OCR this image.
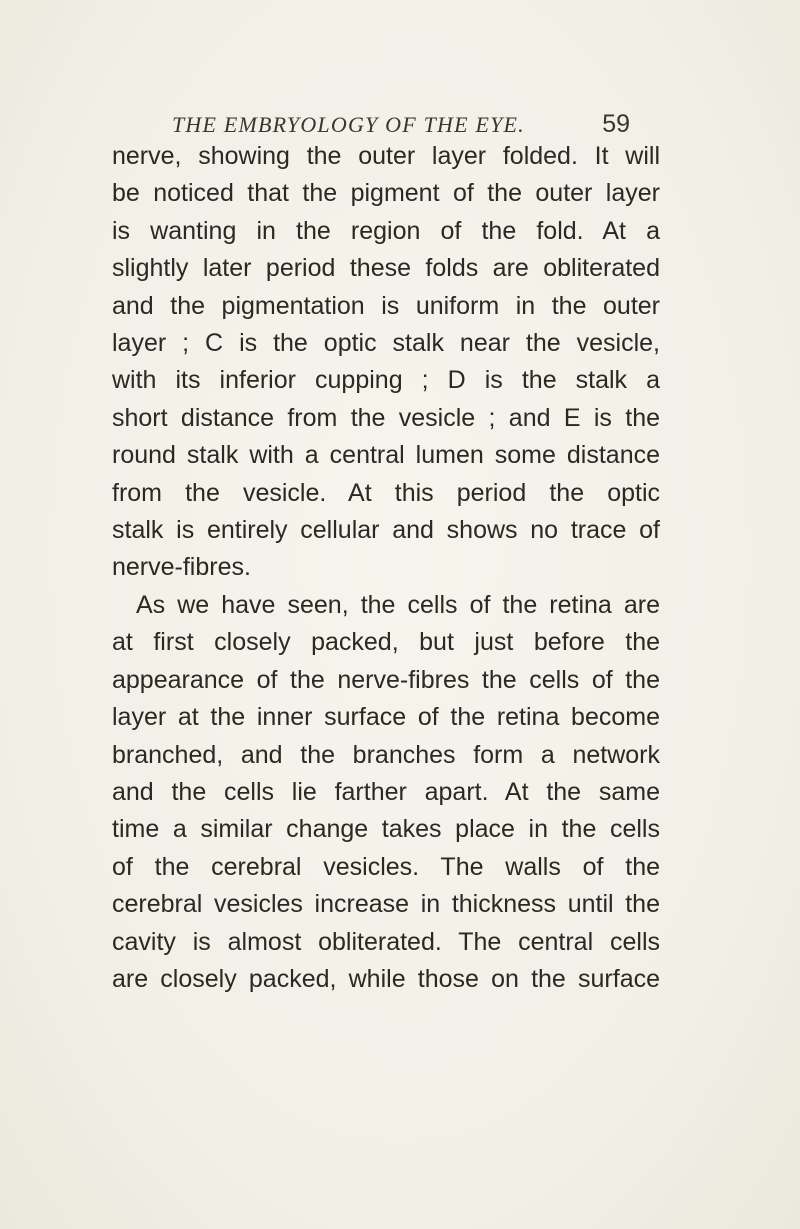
THE EMBRYOLOGY OF THE EYE.	59
nerve, showing the outer layer folded. It will
be noticed that the pigment of the outer layer
is wanting in the region of the fold. At a
slightly later period these folds are obliterated
and the pigmentation is uniform in the outer
layer ; C is the optic stalk near the vesicle,
with its inferior cupping ; D is the stalk a
short distance from the vesicle ; and E is the
round stalk with a central lumen some distance
from the vesicle. At this period the optic
stalk is entirely cellular and shows no trace of
nerve-fibres.
As we have seen, the cells of the retina are
at first closely packed, but just before the
appearance of the nerve-fibres the cells of the
layer at the inner surface of the retina become
branched, and the branches form a network
and the cells lie farther apart. At the same
time a similar change takes place in the cells
of the cerebral vesicles. The walls of the
cerebral vesicles increase in thickness until the
cavity is almost obliterated. The central cells
are closely packed, while those on the surface
